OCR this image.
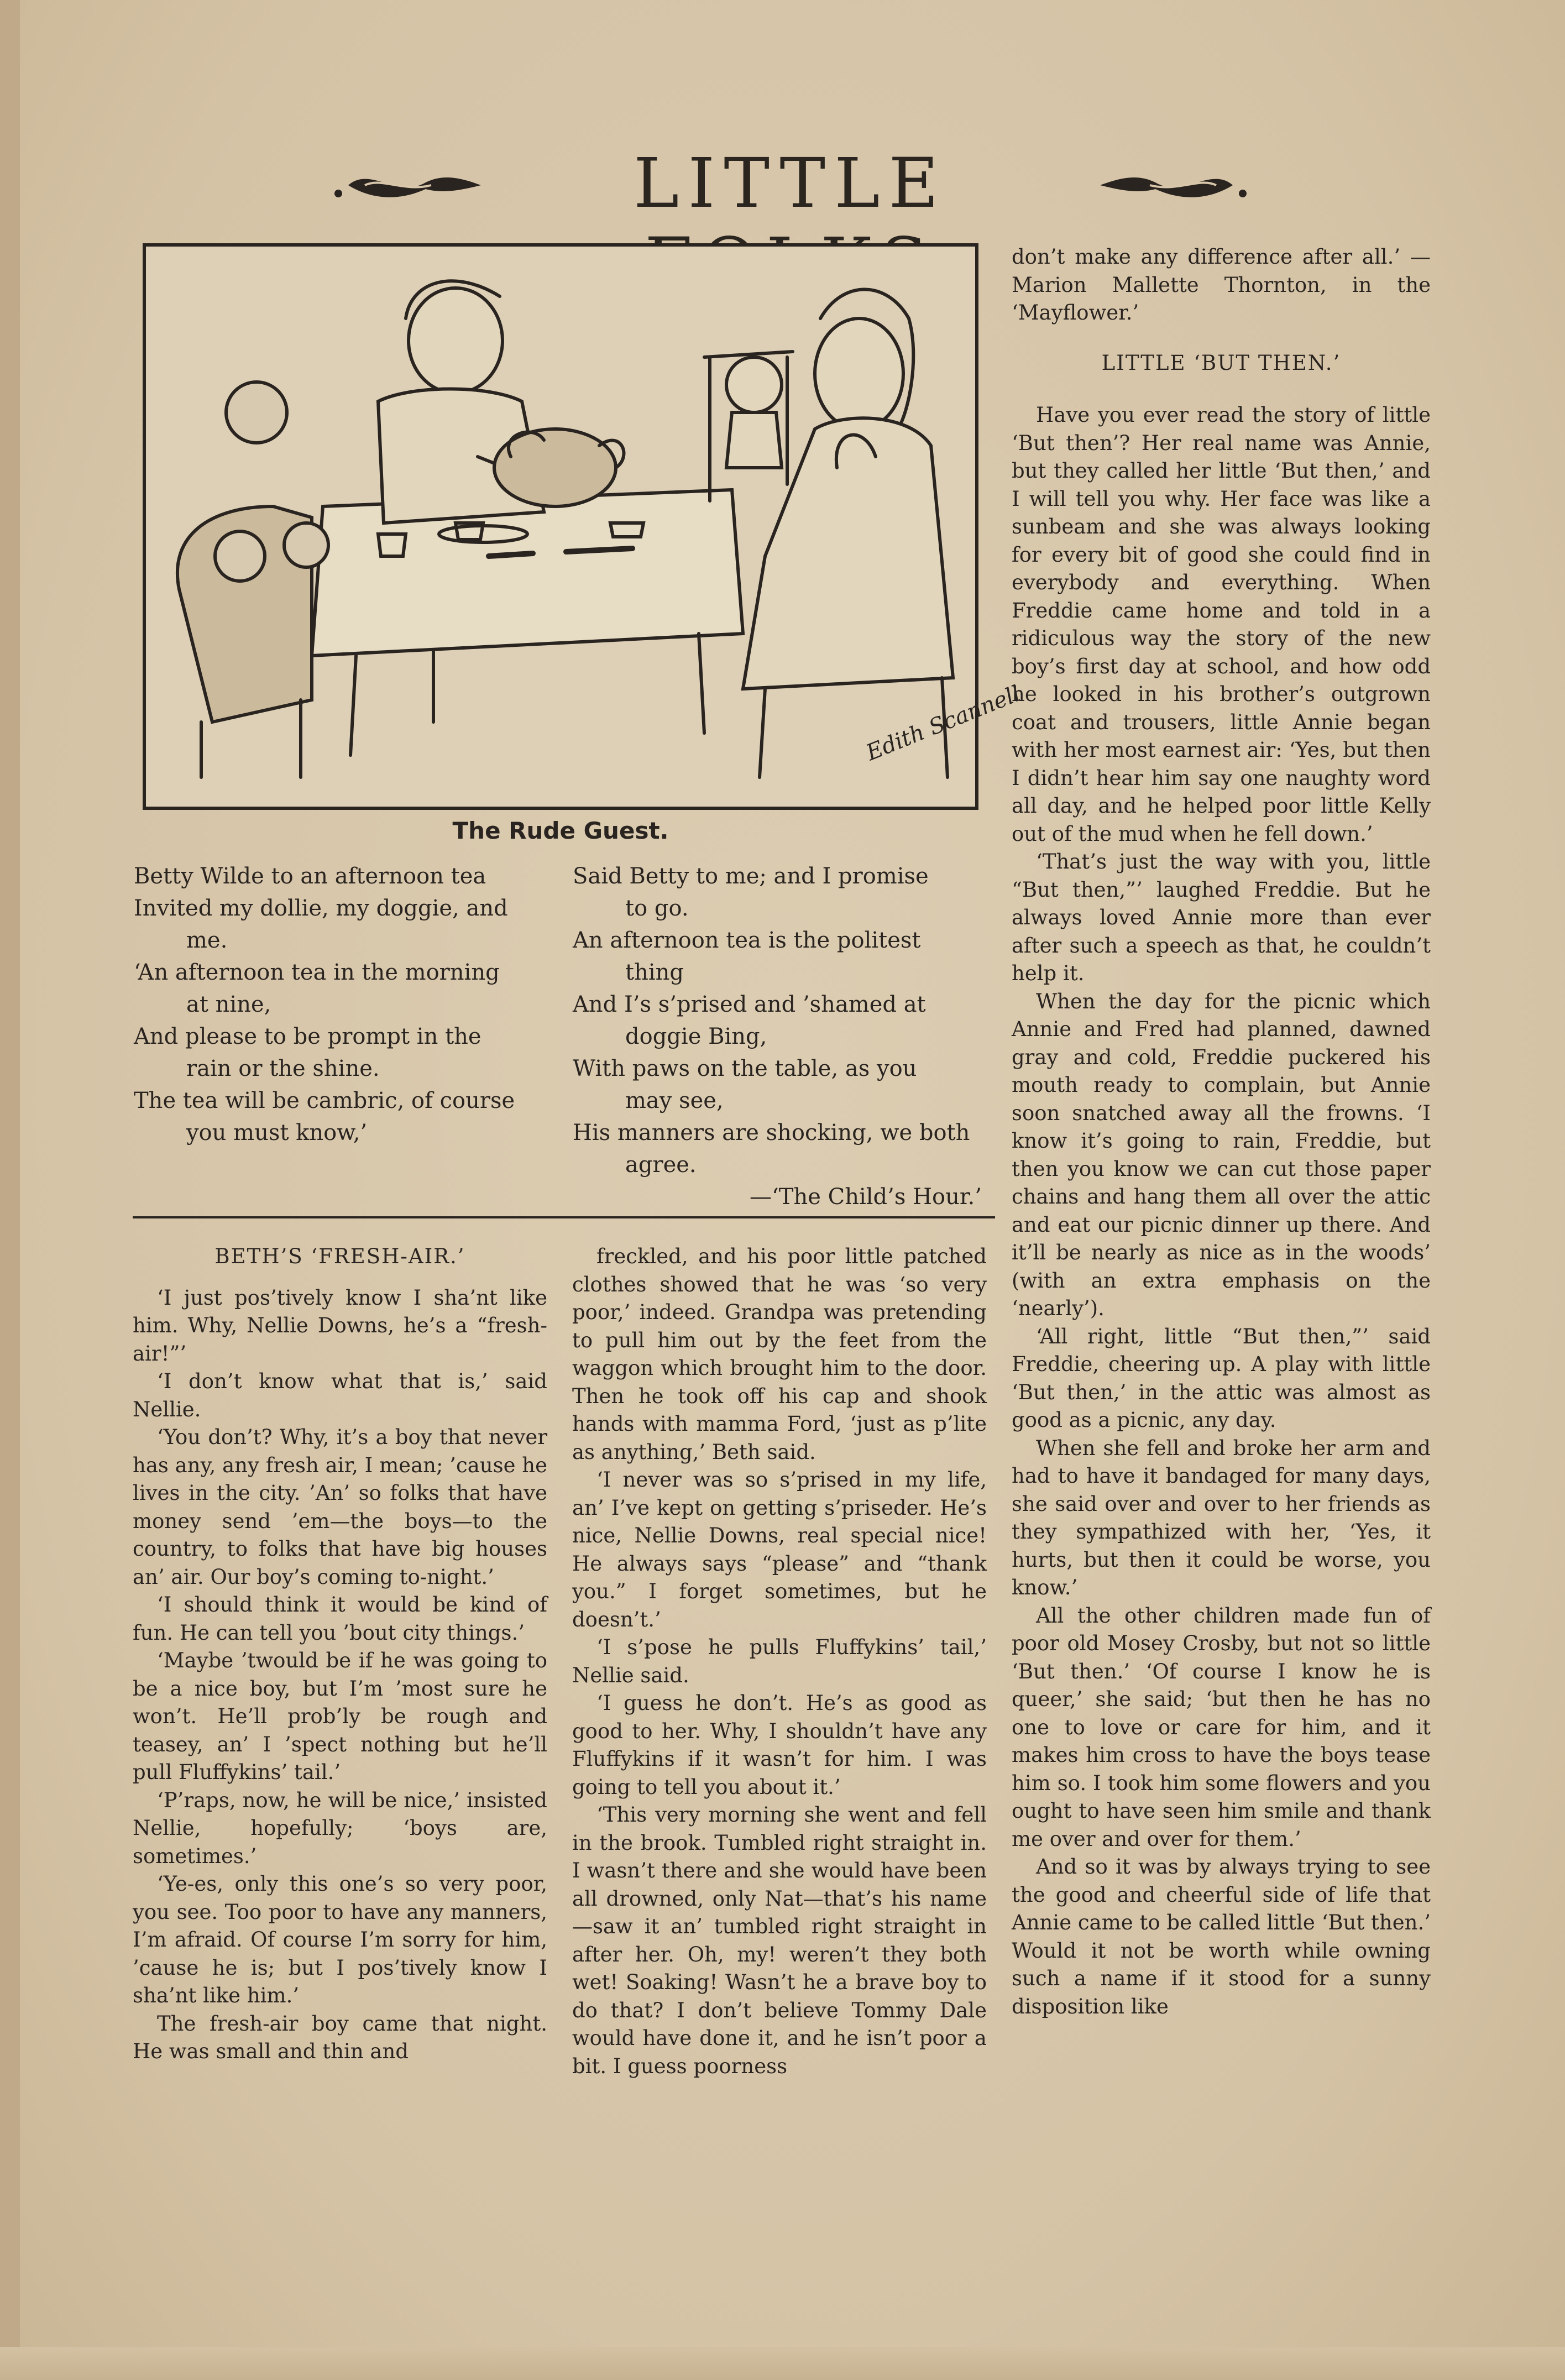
LITTLE
Edith Scannell
The Rude Guest.

Betty Wilde to an afternoon tea

Invited my dollie, my doggie, and

me.

‘An afternoon tea in the morning

at nine,

And please to be prompt in the

rain or the shine.

The tea will be cambric, of course

you must know,’

Said Betty to me; and I promise

to go.

An afternoon tea is the politest

thing

And I’s s’prised and ’shamed at

doggie Bing,

With paws on the table, as you

may see,

His manners are shocking, we both

agree.

—‘The Child’s Hour.’

BETH’S ‘FRESH-AIR.’

‘I just pos’tively know I sha’nt like him. Why, Nellie Downs, he’s a “fresh-air!”’

‘I don’t know what that is,’ said Nellie.

‘You don’t? Why, it’s a boy that never has any, any fresh air, I mean; ’cause he lives in the city. ’An’ so folks that have money send ’em—the boys—to the country, to folks that have big houses an’ air. Our boy’s coming to-night.’

‘I should think it would be kind of fun. He can tell you ’bout city things.’

‘Maybe ’twould be if he was going to be a nice boy, but I’m ’most sure he won’t. He’ll prob’ly be rough and teasey, an’ I ’spect nothing but he’ll pull Fluffykins’ tail.’

‘P’raps, now, he will be nice,’ insisted Nellie, hopefully; ‘boys are, sometimes.’

‘Ye-es, only this one’s so very poor, you see. Too poor to have any manners, I’m afraid. Of course I’m sorry for him, ’cause he is; but I pos’tively know I sha’nt like him.’

The fresh-air boy came that night. He was small and thin and

freckled, and his poor little patched clothes showed that he was ‘so very poor,’ indeed. Grandpa was pretending to pull him out by the feet from the waggon which brought him to the door. Then he took off his cap and shook hands with mamma Ford, ‘just as p’lite as anything,’ Beth said.

‘I never was so s’prised in my life, an’ I’ve kept on getting s’priseder. He’s nice, Nellie Downs, real special nice! He always says “please” and “thank you.” I forget sometimes, but he doesn’t.’

‘I s’pose he pulls Fluffykins’ tail,’ Nellie said.

‘I guess he don’t. He’s as good as good to her. Why, I shouldn’t have any Fluffykins if it wasn’t for him. I was going to tell you about it.’

‘This very morning she went and fell in the brook. Tumbled right straight in. I wasn’t there and she would have been all drowned, only Nat—that’s his name—saw it an’ tumbled right straight in after her. Oh, my! weren’t they both wet! Soaking! Wasn’t he a brave boy to do that? I don’t believe Tommy Dale would have done it, and he isn’t poor a bit. I guess poorness

don’t make any difference after all.’ —Marion Mallette Thornton, in the ‘Mayflower.’

LITTLE ‘BUT THEN.’

Have you ever read the story of little ‘But then’? Her real name was Annie, but they called her little ‘But then,’ and I will tell you why. Her face was like a sunbeam and she was always looking for every bit of good she could find in everybody and everything. When Freddie came home and told in a ridiculous way the story of the new boy’s first day at school, and how odd he looked in his brother’s outgrown coat and trousers, little Annie began with her most earnest air: ‘Yes, but then I didn’t hear him say one naughty word all day, and he helped poor little Kelly out of the mud when he fell down.’

‘That’s just the way with you, little “But then,”’ laughed Freddie. But he always loved Annie more than ever after such a speech as that, he couldn’t help it.

When the day for the picnic which Annie and Fred had planned, dawned gray and cold, Freddie puckered his mouth ready to complain, but Annie soon snatched away all the frowns. ‘I know it’s going to rain, Freddie, but then you know we can cut those paper chains and hang them all over the attic and eat our picnic dinner up there. And it’ll be nearly as nice as in the woods’ (with an extra emphasis on the ‘nearly’).

‘All right, little “But then,”’ said Freddie, cheering up. A play with little ‘But then,’ in the attic was almost as good as a picnic, any day.

When she fell and broke her arm and had to have it bandaged for many days, she said over and over to her friends as they sympathized with her, ‘Yes, it hurts, but then it could be worse, you know.’

All the other children made fun of poor old Mosey Crosby, but not so little ‘But then.’ ‘Of course I know he is queer,’ she said; ‘but then he has no one to love or care for him, and it makes him cross to have the boys tease him so. I took him some flowers and you ought to have seen him smile and thank me over and over for them.’

And so it was by always trying to see the good and cheerful side of life that Annie came to be called little ‘But then.’ Would it not be worth while owning such a name if it stood for a sunny disposition like
